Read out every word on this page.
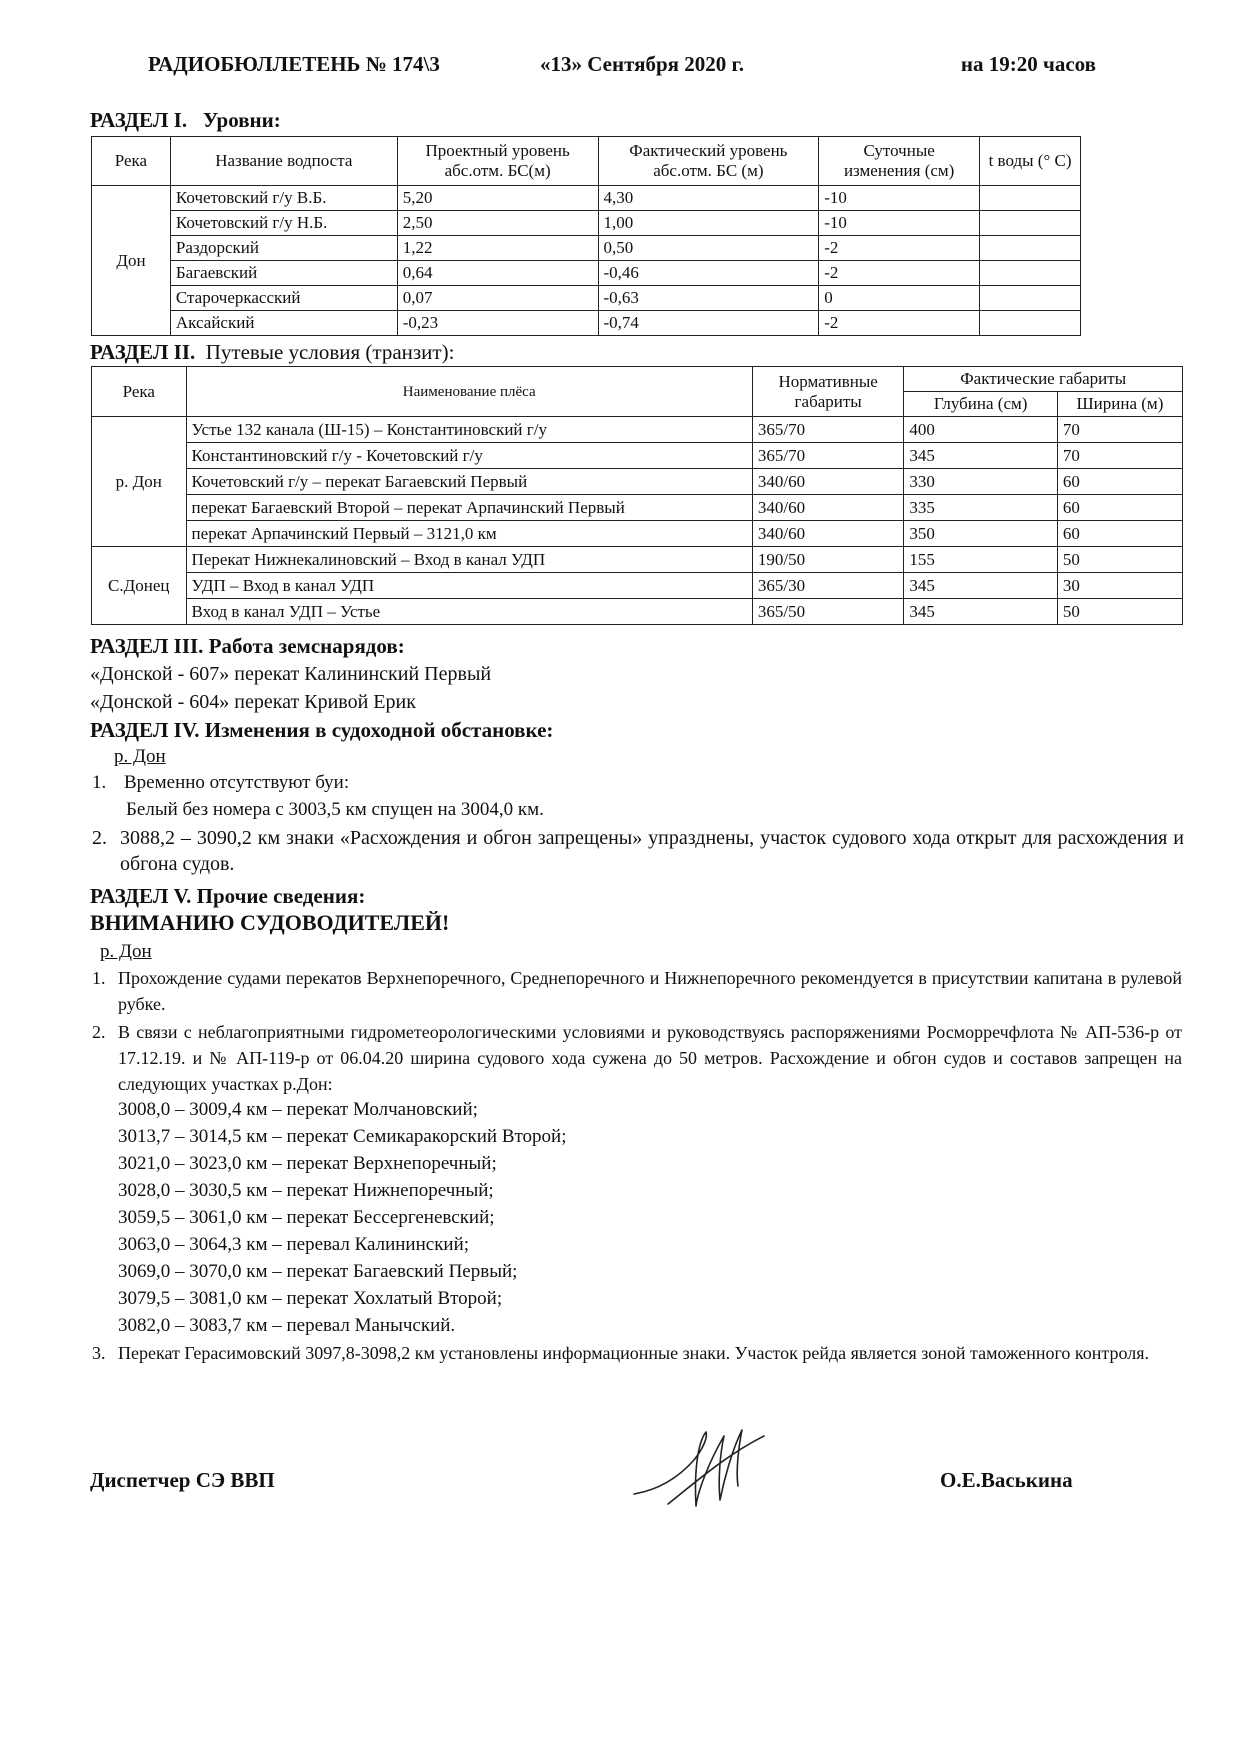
РАДИОБЮЛЛЕТЕНЬ № 174\3	«13» Сентября 2020 г.	на 19:20 часов
РАЗДЕЛ I. Уровни:
Река	Название водпоста	Проектный уровень абс.отм. БС(м)	Фактический уровень абс.отм. БС (м)	Суточные изменения (см)	t воды (° С)
Дон	Кочетовский г/у В.Б.	5,20	4,30	-10	
	Кочетовский г/у Н.Б.	2,50	1,00	-10	
	Раздорский	1,22	0,50	-2	
	Багаевский	0,64	-0,46	-2	
	Старочеркасский	0,07	-0,63	0	
	Аксайский	-0,23	-0,74	-2	
РАЗДЕЛ II. Путевые условия (транзит):
Река	Наименование плёса	Нормативные габариты	Фактические габариты	
			Глубина (см)	Ширина (м)
р. Дон	Устье 132 канала (Ш-15) – Константиновский г/у	365/70	400	70
	Константиновский г/у - Кочетовский г/у	365/70	345	70
	Кочетовский г/у – перекат Багаевский Первый	340/60	330	60
	перекат Багаевский Второй – перекат Арпачинский Первый	340/60	335	60
	перекат Арпачинский Первый – 3121,0 км	340/60	350	60
С.Донец	Перекат Нижнекалиновский – Вход в канал УДП	190/50	155	50
	УДП – Вход в канал УДП	365/30	345	30
	Вход в канал УДП – Устье	365/50	345	50
РАЗДЕЛ III. Работа земснарядов:
«Донской - 607» перекат Калининский Первый
«Донской - 604» перекат Кривой Ерик
РАЗДЕЛ IV. Изменения в судоходной обстановке:
р. Дон
1. Временно отсутствуют буи:
Белый без номера с 3003,5 км спущен на 3004,0 км.
2. 3088,2 – 3090,2 км знаки «Расхождения и обгон запрещены» упразднены, участок судового хода открыт для расхождения и обгона судов.
РАЗДЕЛ V. Прочие сведения:
ВНИМАНИЮ СУДОВОДИТЕЛЕЙ!
р. Дон
1. Прохождение судами перекатов Верхнепоречного, Среднепоречного и Нижнепоречного рекомендуется в присутствии капитана в рулевой рубке.
2. В связи с неблагоприятными гидрометеорологическими условиями и руководствуясь распоряжениями Росморречфлота № АП-536-р от 17.12.19. и № АП-119-р от 06.04.20 ширина судового хода сужена до 50 метров. Расхождение и обгон судов и составов запрещен на следующих участках р.Дон:
3008,0 – 3009,4 км – перекат Молчановский;
3013,7 – 3014,5 км – перекат Семикаракорский Второй;
3021,0 – 3023,0 км – перекат Верхнепоречный;
3028,0 – 3030,5 км – перекат Нижнепоречный;
3059,5 – 3061,0 км – перекат Бессергеневский;
3063,0 – 3064,3 км – перевал Калининский;
3069,0 – 3070,0 км – перекат Багаевский Первый;
3079,5 – 3081,0 км – перекат Хохлатый Второй;
3082,0 – 3083,7 км – перевал Манычский.
3. Перекат Герасимовский 3097,8-3098,2 км установлены информационные знаки. Участок рейда является зоной таможенного контроля.
Диспетчер СЭ ВВП	О.Е.Васькина
